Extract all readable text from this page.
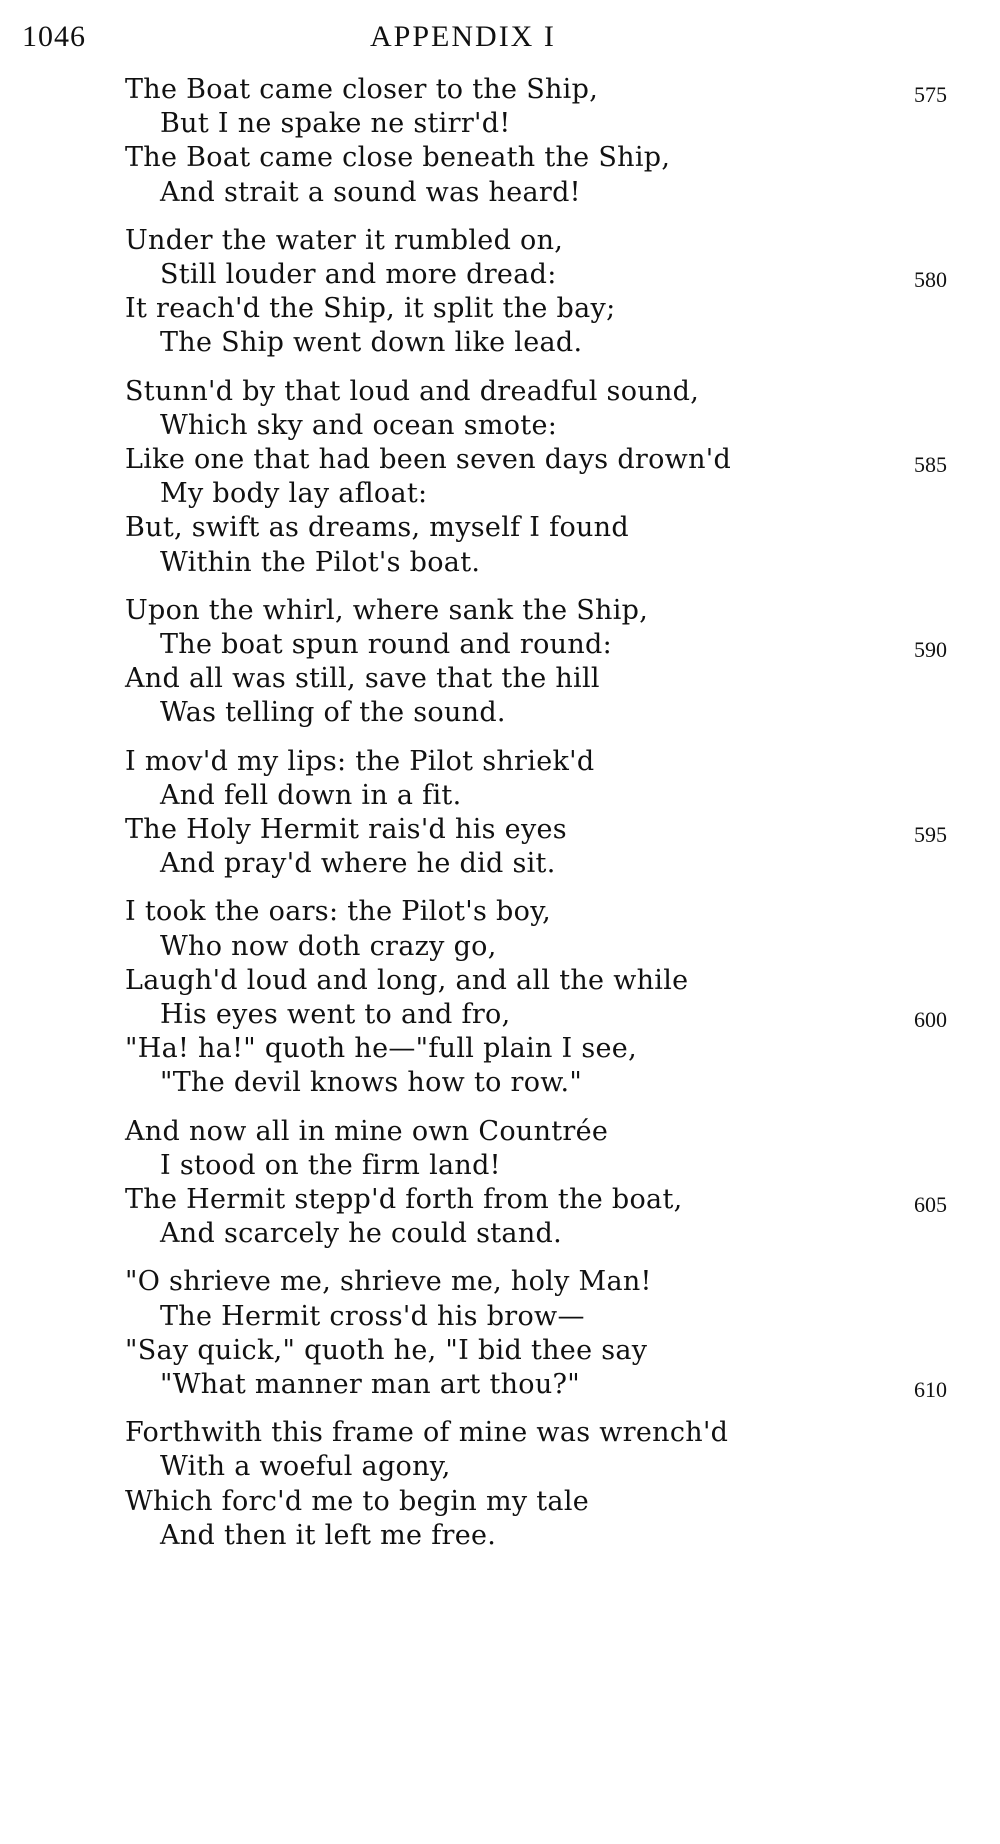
1046	APPENDIX I
The Boat came closer to the Ship,	575
But I ne spake ne stirr'd!
The Boat came close beneath the Ship,
And strait a sound was heard!
Under the water it rumbled on,
Still louder and more dread:	580
It reach'd the Ship, it split the bay;
The Ship went down like lead.
Stunn'd by that loud and dreadful sound,
Which sky and ocean smote:
Like one that had been seven days drown'd	585
My body lay afloat:
But, swift as dreams, myself I found
Within the Pilot's boat.
Upon the whirl, where sank the Ship,
The boat spun round and round:	590
And all was still, save that the hill
Was telling of the sound.
I mov'd my lips: the Pilot shriek'd
And fell down in a fit.
The Holy Hermit rais'd his eyes	595
And pray'd where he did sit.
I took the oars: the Pilot's boy,
Who now doth crazy go,
Laugh'd loud and long, and all the while
His eyes went to and fro,	600
"Ha! ha!" quoth he—"full plain I see,
"The devil knows how to row."
And now all in mine own Countrée
I stood on the firm land!
The Hermit stepp'd forth from the boat,	605
And scarcely he could stand.
"O shrieve me, shrieve me, holy Man!
The Hermit cross'd his brow—
"Say quick," quoth he, "I bid thee say
"What manner man art thou?"	610
Forthwith this frame of mine was wrench'd
With a woeful agony,
Which forc'd me to begin my tale
And then it left me free.
